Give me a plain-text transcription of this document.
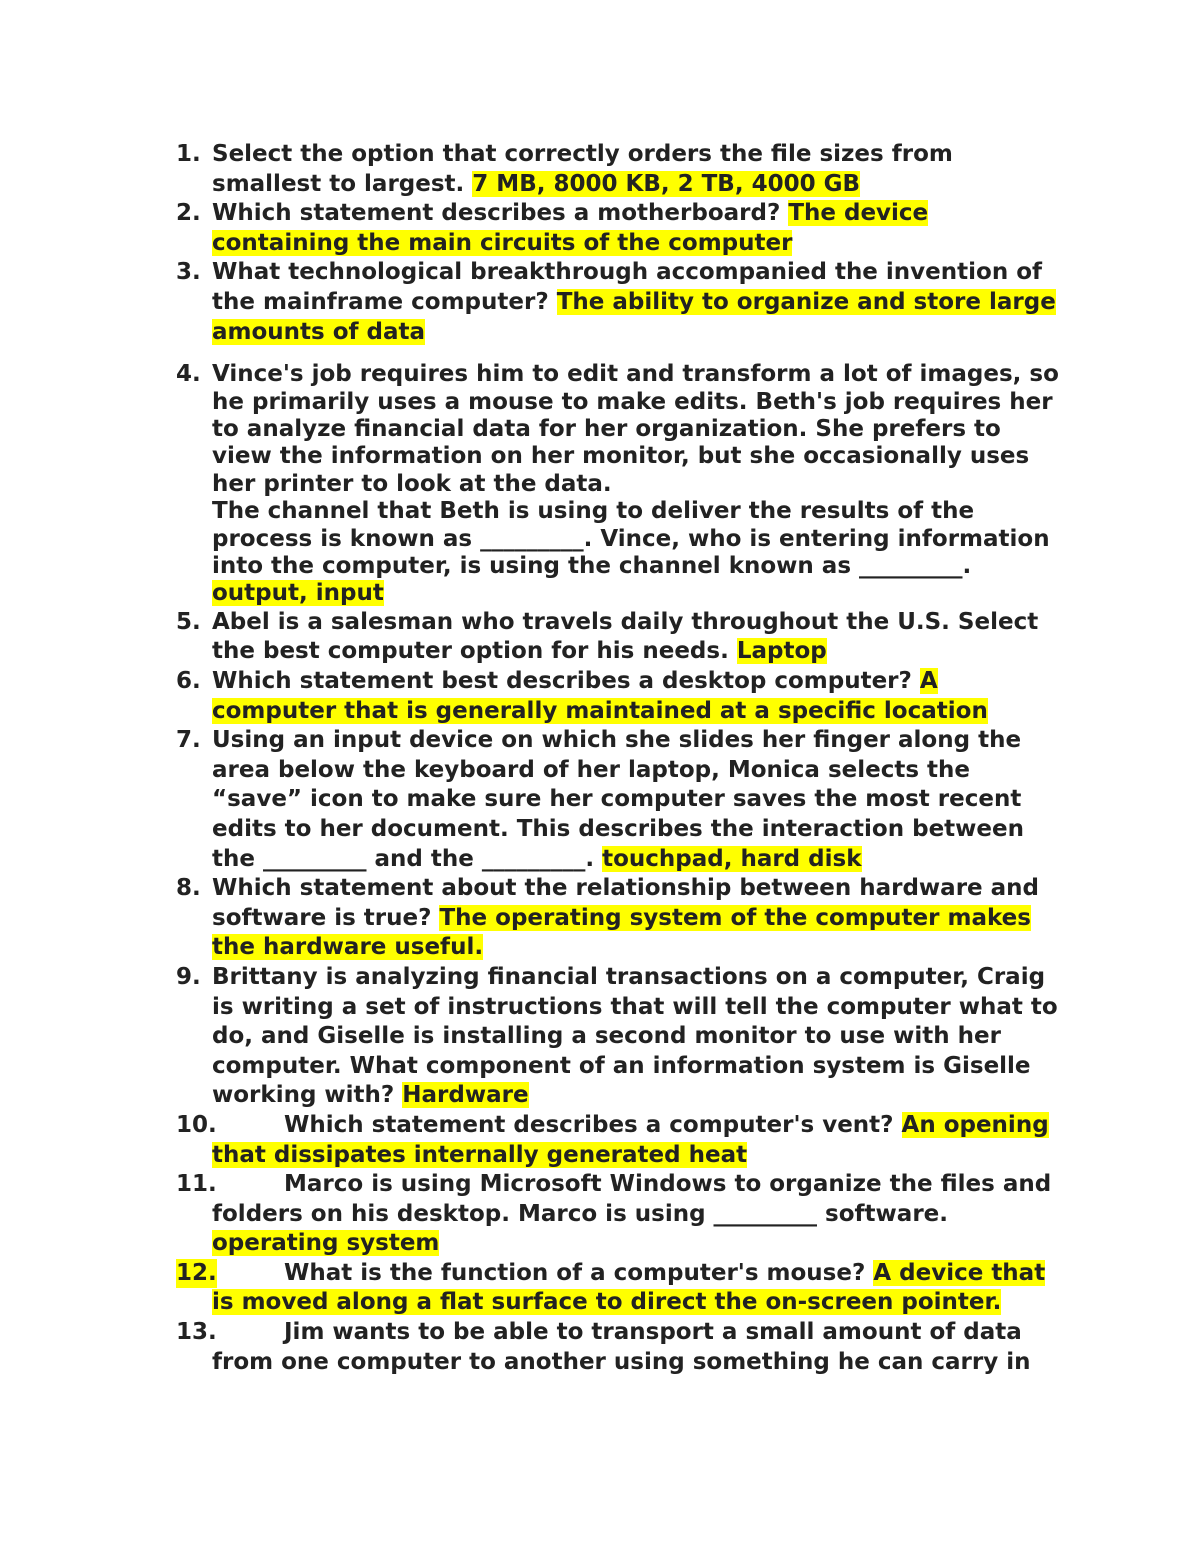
1. Select the option that correctly orders the file sizes from smallest to largest. 7 MB, 8000 KB, 2 TB, 4000 GB
2. Which statement describes a motherboard? The device containing the main circuits of the computer
3. What technological breakthrough accompanied the invention of the mainframe computer? The ability to organize and store large amounts of data
4. Vince's job requires him to edit and transform a lot of images, so he primarily uses a mouse to make edits. Beth's job requires her to analyze financial data for her organization. She prefers to view the information on her monitor, but she occasionally uses her printer to look at the data.
The channel that Beth is using to deliver the results of the process is known as _________. Vince, who is entering information into the computer, is using the channel known as _________. output, input
5. Abel is a salesman who travels daily throughout the U.S. Select the best computer option for his needs. Laptop
6. Which statement best describes a desktop computer? A computer that is generally maintained at a specific location
7. Using an input device on which she slides her finger along the area below the keyboard of her laptop, Monica selects the “save” icon to make sure her computer saves the most recent edits to her document. This describes the interaction between the _________ and the _________. touchpad, hard disk
8. Which statement about the relationship between hardware and software is true? The operating system of the computer makes the hardware useful.
9. Brittany is analyzing financial transactions on a computer, Craig is writing a set of instructions that will tell the computer what to do, and Giselle is installing a second monitor to use with her computer. What component of an information system is Giselle working with? Hardware
10.	Which statement describes a computer's vent? An opening that dissipates internally generated heat
11.	Marco is using Microsoft Windows to organize the files and folders on his desktop. Marco is using _________ software. operating system
12.	What is the function of a computer's mouse? A device that is moved along a flat surface to direct the on-screen pointer.
13.	Jim wants to be able to transport a small amount of data from one computer to another using something he can carry in
